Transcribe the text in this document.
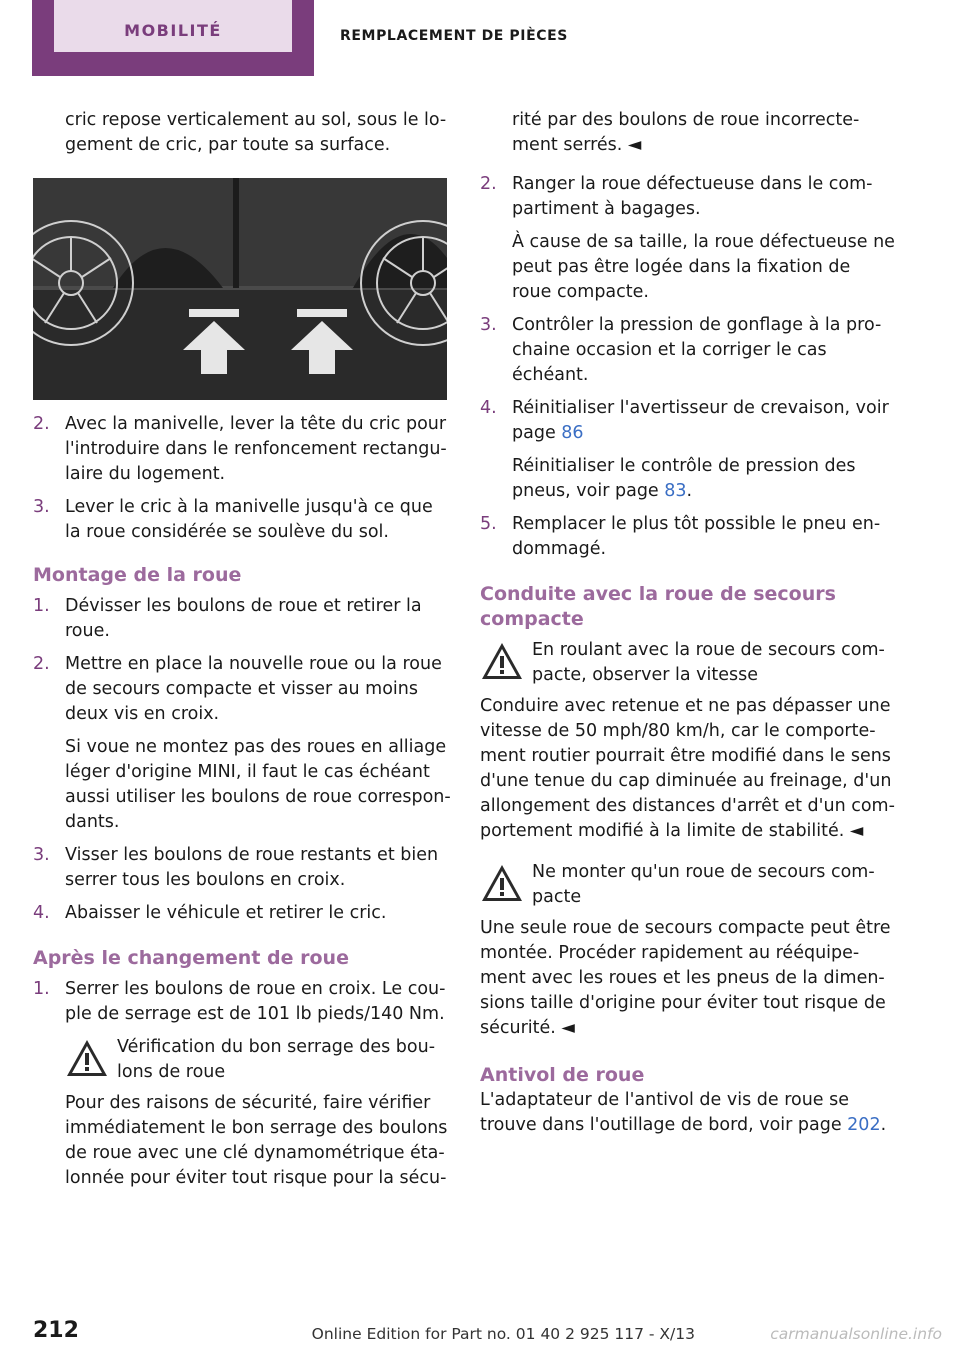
MOBILITÉ	REMPLACEMENT DE PIÈCES

cric repose verticalement au sol, sous le lo- gement de cric, par toute sa surface.

2. Avec la manivelle, lever la tête du cric pour l'introduire dans le renfoncement rectangu- laire du logement.

3. Lever le cric à la manivelle jusqu'à ce que la roue considérée se soulève du sol.

Montage de la roue
1. Dévisser les boulons de roue et retirer la roue.

2. Mettre en place la nouvelle roue ou la roue de secours compacte et visser au moins deux vis en croix.

Si voue ne montez pas des roues en alliage léger d'origine MINI, il faut le cas échéant aussi utiliser les boulons de roue correspon- dants.

3. Visser les boulons de roue restants et bien serrer tous les boulons en croix.

4. Abaisser le véhicule et retirer le cric.

Après le changement de roue
1. Serrer les boulons de roue en croix. Le cou- ple de serrage est de 101 lb pieds/140 Nm.

Vérification du bon serrage des bou- lons de roue

Pour des raisons de sécurité, faire vérifier immédiatement le bon serrage des boulons de roue avec une clé dynamométrique éta- lonnée pour éviter tout risque pour la sécu-

rité par des boulons de roue incorrecte- ment serrés. ◄

2. Ranger la roue défectueuse dans le com- partiment à bagages.

À cause de sa taille, la roue défectueuse ne peut pas être logée dans la fixation de roue compacte.

3. Contrôler la pression de gonflage à la pro- chaine occasion et la corriger le cas échéant.

4. Réinitialiser l'avertisseur de crevaison, voir page 86

Réinitialiser le contrôle de pression des pneus, voir page 83.

5. Remplacer le plus tôt possible le pneu en- dommagé.

Conduite avec la roue de secours compacte

En roulant avec la roue de secours com- pacte, observer la vitesse

Conduire avec retenue et ne pas dépasser une vitesse de 50 mph/80 km/h, car le comporte- ment routier pourrait être modifié dans le sens d'une tenue du cap diminuée au freinage, d'un allongement des distances d'arrêt et d'un com- portement modifié à la limite de stabilité. ◄

Ne monter qu'un roue de secours com- pacte

Une seule roue de secours compacte peut être montée. Procéder rapidement au rééquipe- ment avec les roues et les pneus de la dimen- sions taille d'origine pour éviter tout risque de sécurité. ◄

Antivol de roue

L'adaptateur de l'antivol de vis de roue se trouve dans l'outillage de bord, voir page 202.

212	Online Edition for Part no. 01 40 2 925 117 - X/13	carmanualsonline.info
